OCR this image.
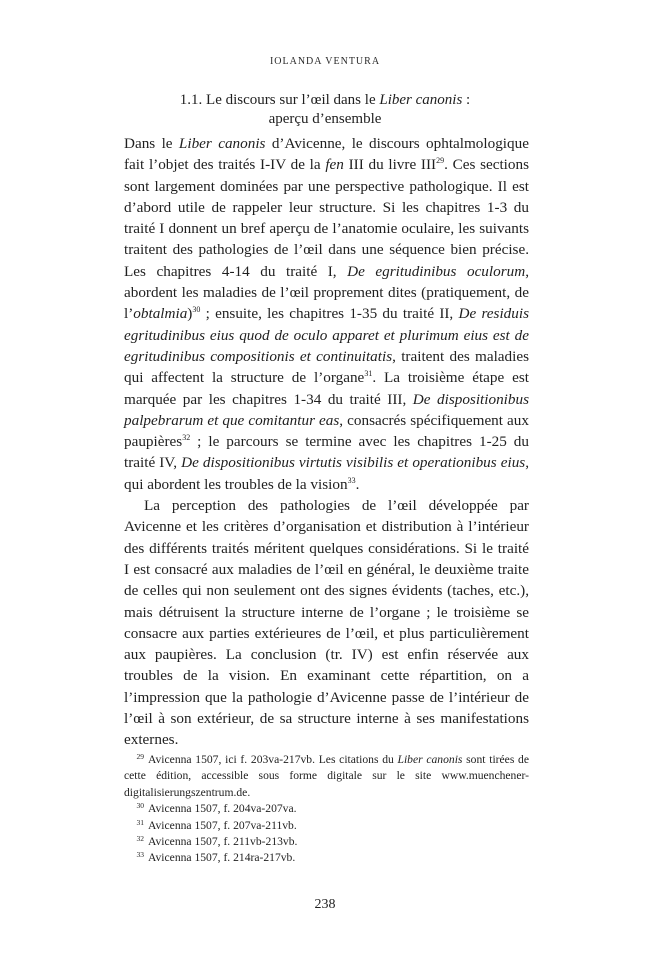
IOLANDA VENTURA
1.1. Le discours sur l’œil dans le Liber canonis :
aperçu d’ensemble

Dans le Liber canonis d’Avicenne, le discours ophtalmologique fait l’objet des traités I-IV de la fen III du livre III$^{29}$. Ces sections sont largement dominées par une perspective pathologique. Il est d’abord utile de rappeler leur structure. Si les chapitres 1-3 du traité I donnent un bref aperçu de l’anatomie oculaire, les suivants traitent des pathologies de l’œil dans une séquence bien précise. Les chapitres 4-14 du traité I, De egritudinibus oculorum, abordent les maladies de l’œil proprement dites (pratiquement, de l’obtalmia)$^{30}$ ; ensuite, les chapitres 1-35 du traité II, De residuis egritudinibus eius quod de oculo apparet et plurimum eius est de egritudinibus compositionis et continuitatis, traitent des maladies qui affectent la structure de l’organe$^{31}$. La troisième étape est marquée par les chapitres 1-34 du traité III, De dispositionibus palpebrarum et que comitantur eas, consacrés spécifiquement aux paupières$^{32}$ ; le parcours se termine avec les chapitres 1-25 du traité IV, De dispositionibus virtutis visibilis et operationibus eius, qui abordent les troubles de la vision$^{33}$.

La perception des pathologies de l’œil développée par Avicenne et les critères d’organisation et distribution à l’intérieur des différents traités méritent quelques considérations. Si le traité I est consacré aux maladies de l’œil en général, le deuxième traite de celles qui non seulement ont des signes évidents (taches, etc.), mais détruisent la structure interne de l’organe ; le troisième se consacre aux parties extérieures de l’œil, et plus particulièrement aux paupières. La conclusion (tr. IV) est enfin réservée aux troubles de la vision. En examinant cette répartition, on a l’impression que la pathologie d’Avicenne passe de l’intérieur de l’œil à son extérieur, de sa structure interne à ses manifestations externes.

$^{29}$ Avicenna 1507, ici f. 203va-217vb. Les citations du Liber canonis sont tirées de cette édition, accessible sous forme digitale sur le site www.muenchener-digitalisierungszentrum.de.

$^{30}$ Avicenna 1507, f. 204va-207va.

$^{31}$ Avicenna 1507, f. 207va-211vb.

$^{32}$ Avicenna 1507, f. 211vb-213vb.

$^{33}$ Avicenna 1507, f. 214ra-217vb.

238
